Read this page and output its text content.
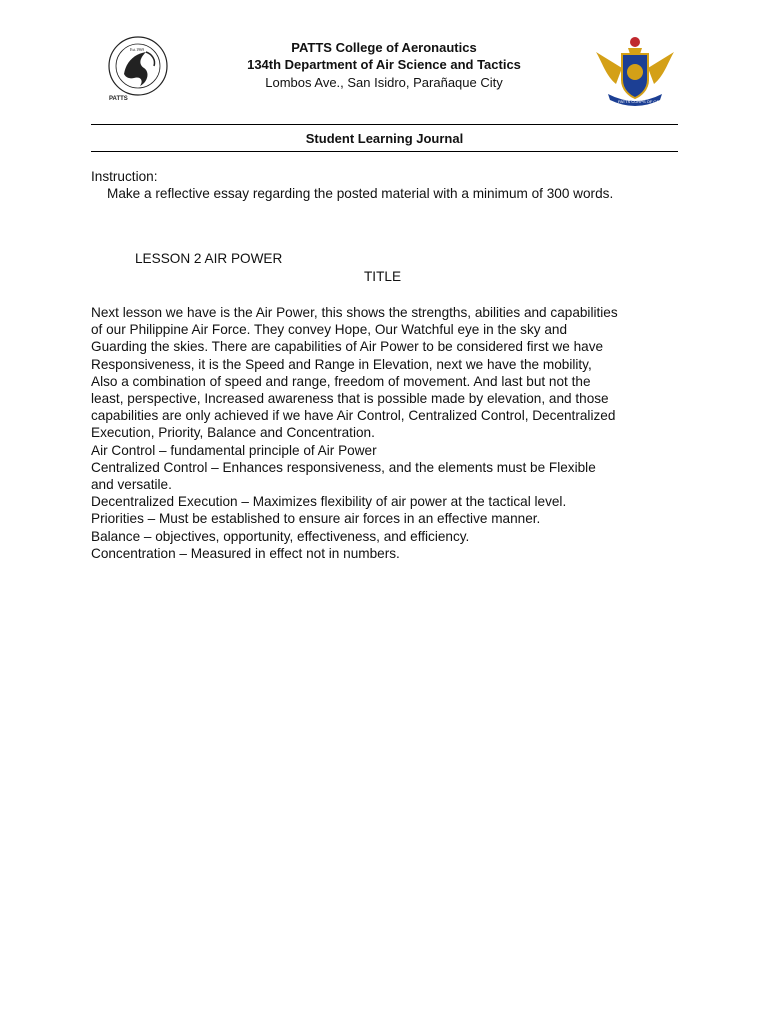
Est.1969
PATTS
PATTS College of Aeronautics
134th Department of Air Science and Tactics
Lombos Ave., San Isidro, Parañaque City
PATTS CORPS OF CADETS
Student Learning Journal
Instruction:
Make a reflective essay regarding the posted material with a minimum of 300 words.
LESSON 2 AIR POWER
TITLE
Next lesson we have is the Air Power, this shows the strengths, abilities and capabilities
of our Philippine Air Force. They convey Hope, Our Watchful eye in the sky and
Guarding the skies. There are capabilities of Air Power to be considered first we have
Responsiveness, it is the Speed and Range in Elevation, next we have the mobility,
Also a combination of speed and range, freedom of movement. And last but not the
least, perspective, Increased awareness that is possible made by elevation, and those
capabilities are only achieved if we have Air Control, Centralized Control, Decentralized
Execution, Priority, Balance and Concentration.
Air Control – fundamental principle of Air Power
Centralized Control – Enhances responsiveness, and the elements must be Flexible
and versatile.
Decentralized Execution – Maximizes flexibility of air power at the tactical level.
Priorities – Must be established to ensure air forces in an effective manner.
Balance – objectives, opportunity, effectiveness, and efficiency.
Concentration – Measured in effect not in numbers.
